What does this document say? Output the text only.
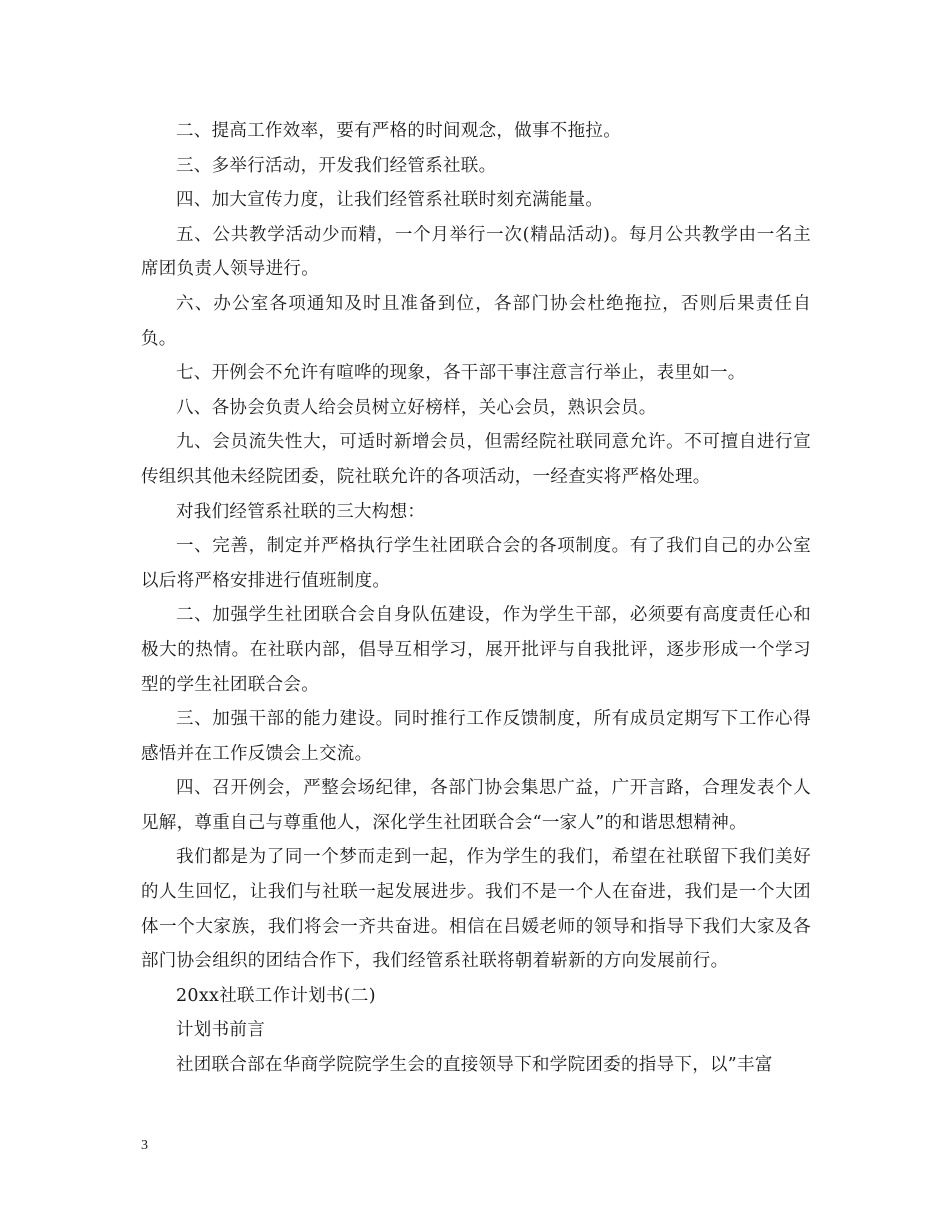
二、提高工作效率，要有严格的时间观念，做事不拖拉。

三、多举行活动，开发我们经管系社联。

四、加大宣传力度，让我们经管系社联时刻充满能量。

五、公共教学活动少而精，一个月举行一次(精品活动)。每月公共教学由一名主席团负责人领导进行。

六、办公室各项通知及时且准备到位，各部门协会杜绝拖拉，否则后果责任自负。

七、开例会不允许有喧哗的现象，各干部干事注意言行举止，表里如一。

八、各协会负责人给会员树立好榜样，关心会员，熟识会员。

九、会员流失性大，可适时新增会员，但需经院社联同意允许。不可擅自进行宣传组织其他未经院团委，院社联允许的各项活动，一经查实将严格处理。

对我们经管系社联的三大构想：

一、完善，制定并严格执行学生社团联合会的各项制度。有了我们自己的办公室以后将严格安排进行值班制度。

二、加强学生社团联合会自身队伍建设，作为学生干部，必须要有高度责任心和极大的热情。在社联内部，倡导互相学习，展开批评与自我批评，逐步形成一个学习型的学生社团联合会。

三、加强干部的能力建设。同时推行工作反馈制度，所有成员定期写下工作心得感悟并在工作反馈会上交流。

四、召开例会，严整会场纪律，各部门协会集思广益，广开言路，合理发表个人见解，尊重自己与尊重他人，深化学生社团联合会“一家人”的和谐思想精神。

我们都是为了同一个梦而走到一起，作为学生的我们，希望在社联留下我们美好的人生回忆，让我们与社联一起发展进步。我们不是一个人在奋进，我们是一个大团体一个大家族，我们将会一齐共奋进。相信在吕媛老师的领导和指导下我们大家及各部门协会组织的团结合作下，我们经管系社联将朝着崭新的方向发展前行。

20xx社联工作计划书(二)

计划书前言

社团联合部在华商学院院学生会的直接领导下和学院团委的指导下，以”丰富

3
